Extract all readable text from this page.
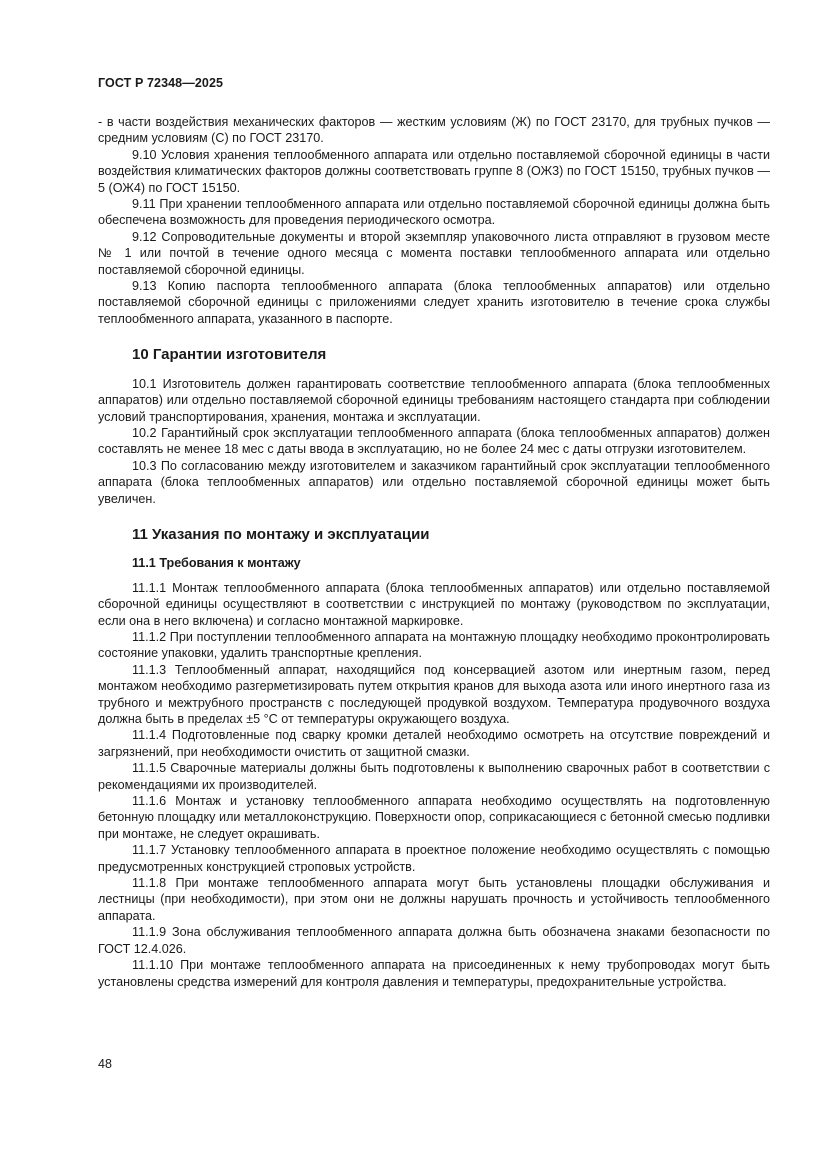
ГОСТ Р 72348—2025

- в части воздействия механических факторов — жестким условиям (Ж) по ГОСТ 23170, для трубных пучков — средним условиям (С) по ГОСТ 23170.

9.10 Условия хранения теплообменного аппарата или отдельно поставляемой сборочной единицы в части воздействия климатических факторов должны соответствовать группе 8 (ОЖ3) по ГОСТ 15150, трубных пучков — 5 (ОЖ4) по ГОСТ 15150.

9.11 При хранении теплообменного аппарата или отдельно поставляемой сборочной единицы должна быть обеспечена возможность для проведения периодического осмотра.

9.12 Сопроводительные документы и второй экземпляр упаковочного листа отправляют в грузовом месте № 1 или почтой в течение одного месяца с момента поставки теплообменного аппарата или отдельно поставляемой сборочной единицы.

9.13 Копию паспорта теплообменного аппарата (блока теплообменных аппаратов) или отдельно поставляемой сборочной единицы с приложениями следует хранить изготовителю в течение срока службы теплообменного аппарата, указанного в паспорте.

10 Гарантии изготовителя

10.1 Изготовитель должен гарантировать соответствие теплообменного аппарата (блока теплообменных аппаратов) или отдельно поставляемой сборочной единицы требованиям настоящего стандарта при соблюдении условий транспортирования, хранения, монтажа и эксплуатации.

10.2 Гарантийный срок эксплуатации теплообменного аппарата (блока теплообменных аппаратов) должен составлять не менее 18 мес с даты ввода в эксплуатацию, но не более 24 мес с даты отгрузки изготовителем.

10.3 По согласованию между изготовителем и заказчиком гарантийный срок эксплуатации теплообменного аппарата (блока теплообменных аппаратов) или отдельно поставляемой сборочной единицы может быть увеличен.

11 Указания по монтажу и эксплуатации

11.1 Требования к монтажу

11.1.1 Монтаж теплообменного аппарата (блока теплообменных аппаратов) или отдельно поставляемой сборочной единицы осуществляют в соответствии с инструкцией по монтажу (руководством по эксплуатации, если она в него включена) и согласно монтажной маркировке.

11.1.2 При поступлении теплообменного аппарата на монтажную площадку необходимо проконтролировать состояние упаковки, удалить транспортные крепления.

11.1.3 Теплообменный аппарат, находящийся под консервацией азотом или инертным газом, перед монтажом необходимо разгерметизировать путем открытия кранов для выхода азота или иного инертного газа из трубного и межтрубного пространств с последующей продувкой воздухом. Температура продувочного воздуха должна быть в пределах ±5 °С от температуры окружающего воздуха.

11.1.4 Подготовленные под сварку кромки деталей необходимо осмотреть на отсутствие повреждений и загрязнений, при необходимости очистить от защитной смазки.

11.1.5 Сварочные материалы должны быть подготовлены к выполнению сварочных работ в соответствии с рекомендациями их производителей.

11.1.6 Монтаж и установку теплообменного аппарата необходимо осуществлять на подготовленную бетонную площадку или металлоконструкцию. Поверхности опор, соприкасающиеся с бетонной смесью подливки при монтаже, не следует окрашивать.

11.1.7 Установку теплообменного аппарата в проектное положение необходимо осуществлять с помощью предусмотренных конструкцией строповых устройств.

11.1.8 При монтаже теплообменного аппарата могут быть установлены площадки обслуживания и лестницы (при необходимости), при этом они не должны нарушать прочность и устойчивость теплообменного аппарата.

11.1.9 Зона обслуживания теплообменного аппарата должна быть обозначена знаками безопасности по ГОСТ 12.4.026.

11.1.10 При монтаже теплообменного аппарата на присоединенных к нему трубопроводах могут быть установлены средства измерений для контроля давления и температуры, предохранительные устройства.

48
